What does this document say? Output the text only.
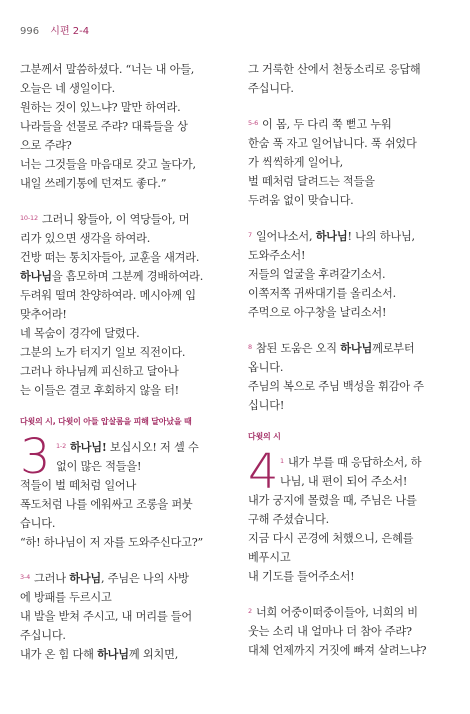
996 시편 2-4
그분께서 말씀하셨다. “너는 내 아들,
오늘은 네 생일이다.
원하는 것이 있느냐? 말만 하여라.
나라들을 선물로 주랴? 대륙들을 상
으로 주랴?
너는 그것들을 마음대로 갖고 놀다가,
내일 쓰레기통에 던져도 좋다.”
$^{10-12}$ 그러니 왕들아, 이 역당들아, 머
리가 있으면 생각을 하여라.
건방 떠는 통치자들아, 교훈을 새겨라.
하나님을 흠모하며 그분께 경배하여라.
두려워 떨며 찬양하여라. 메시아께 입
맞추어라!
네 목숨이 경각에 달렸다.
그분의 노가 터지기 일보 직전이다.
그러나 하나님께 피신하고 달아나
는 이들은 결코 후회하지 않을 터!
다윗의 시, 다윗이 아들 압살롬을 피해 달아났을 때
3 $^{1-2}$ 하나님! 보십시오! 저 셀 수
없이 많은 적들을!
적들이 벌 떼처럼 일어나
폭도처럼 나를 에워싸고 조롱을 퍼붓
습니다.
“하! 하나님이 저 자를 도와주신다고?”
$^{3-4}$ 그러나 하나님, 주님은 나의 사방
에 방패를 두르시고
내 발을 받쳐 주시고, 내 머리를 들어
주십니다.
내가 온 힘 다해 하나님께 외치면,
그 거룩한 산에서 천둥소리로 응답해
주십니다.
$^{5-6}$ 이 몸, 두 다리 쭉 뻗고 누워
한숨 푹 자고 일어납니다. 푹 쉬었다
가 씩씩하게 일어나,
벌 떼처럼 달려드는 적들을
두려움 없이 맞습니다.
$^7$ 일어나소서, 하나님! 나의 하나님,
도와주소서!
저들의 얼굴을 후려갈기소서.
이쪽저쪽 귀싸대기를 올리소서.
주먹으로 아구창을 날리소서!
$^8$ 참된 도움은 오직 하나님께로부터
옵니다.
주님의 복으로 주님 백성을 휘감아 주
십니다!
다윗의 시
4 $^1$ 내가 부를 때 응답하소서, 하
나님, 내 편이 되어 주소서!
내가 궁지에 몰렸을 때, 주님은 나를
구해 주셨습니다.
지금 다시 곤경에 처했으니, 은혜를
베푸시고
내 기도를 들어주소서!
$^2$ 너희 어중이떠중이들아, 너희의 비
웃는 소리 내 얼마나 더 참아 주랴?
대체 언제까지 거짓에 빠져 살려느냐?
